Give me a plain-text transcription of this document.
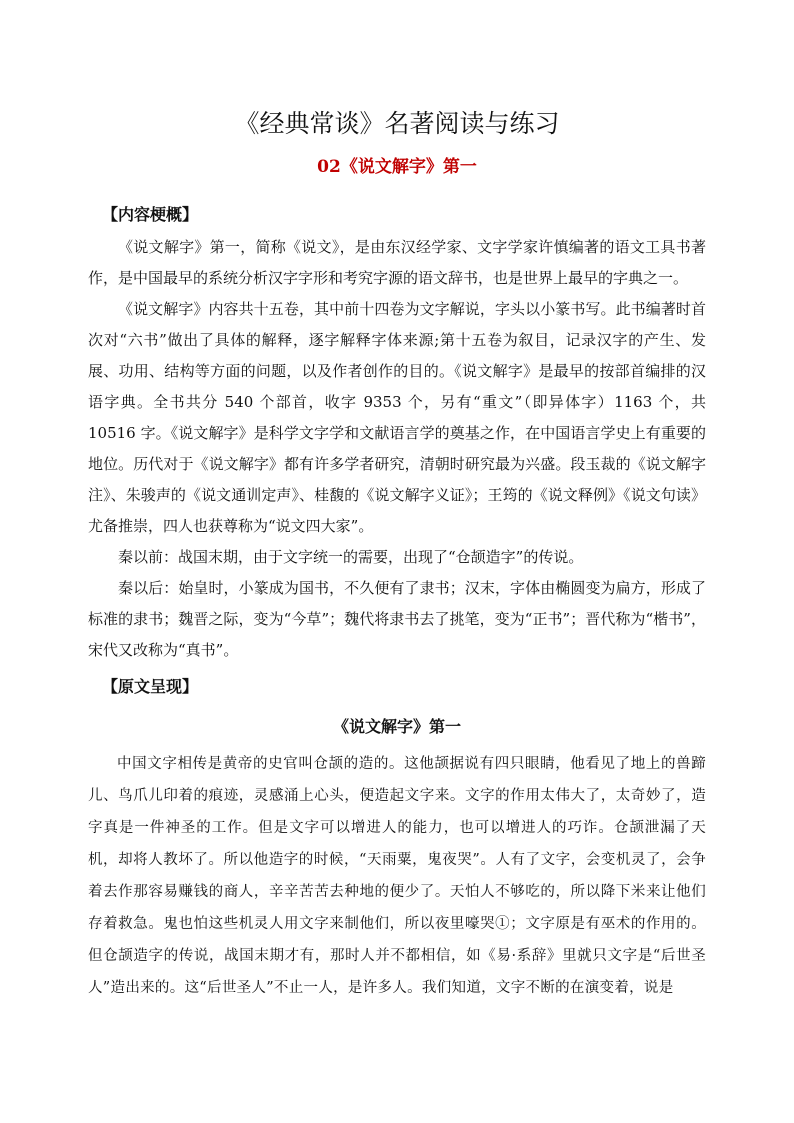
《经典常谈》名著阅读与练习
02《说文解字》第一
【内容梗概】

《说文解字》第一，简称《说文》，是由东汉经学家、文字学家许慎编著的语文工具书著作，是中国最早的系统分析汉字字形和考究字源的语文辞书，也是世界上最早的字典之一。

《说文解字》内容共十五卷，其中前十四卷为文字解说，字头以小篆书写。此书编著时首次对“六书”做出了具体的解释，逐字解释字体来源;第十五卷为叙目，记录汉字的产生、发展、功用、结构等方面的问题，以及作者创作的目的。《说文解字》是最早的按部首编排的汉语字典。全书共分 540 个部首，收字 9353 个，另有“重文”（即异体字）1163 个，共 10516 字。《说文解字》是科学文字学和文献语言学的奠基之作，在中国语言学史上有重要的地位。历代对于《说文解字》都有许多学者研究，清朝时研究最为兴盛。段玉裁的《说文解字注》、朱骏声的《说文通训定声》、桂馥的《说文解字义证》；王筠的《说文释例》《说文句读》尤备推崇，四人也获尊称为“说文四大家”。

秦以前：战国末期，由于文字统一的需要，出现了“仓颉造字”的传说。

秦以后：始皇时，小篆成为国书，不久便有了隶书；汉末，字体由椭圆变为扁方，形成了标准的隶书；魏晋之际，变为“今草”；魏代将隶书去了挑笔，变为“正书”；晋代称为“楷书”，宋代又改称为“真书”。

【原文呈现】
《说文解字》第一

中国文字相传是黄帝的史官叫仓颉的造的。这他颉据说有四只眼睛，他看见了地上的兽蹄儿、鸟爪儿印着的痕迹，灵感涌上心头，便造起文字来。文字的作用太伟大了，太奇妙了，造字真是一件神圣的工作。但是文字可以增进人的能力，也可以增进人的巧诈。仓颉泄漏了天机，却将人教坏了。所以他造字的时候，“天雨粟，鬼夜哭”。人有了文字，会变机灵了，会争着去作那容易赚钱的商人，辛辛苦苦去种地的便少了。天怕人不够吃的，所以降下米来让他们存着救急。鬼也怕这些机灵人用文字来制他们，所以夜里嚎哭①；文字原是有巫术的作用的。但仓颉造字的传说，战国末期才有，那时人并不都相信，如《易·系辞》里就只文字是“后世圣人”造出来的。这“后世圣人”不止一人，是许多人。我们知道，文字不断的在演变着，说是
